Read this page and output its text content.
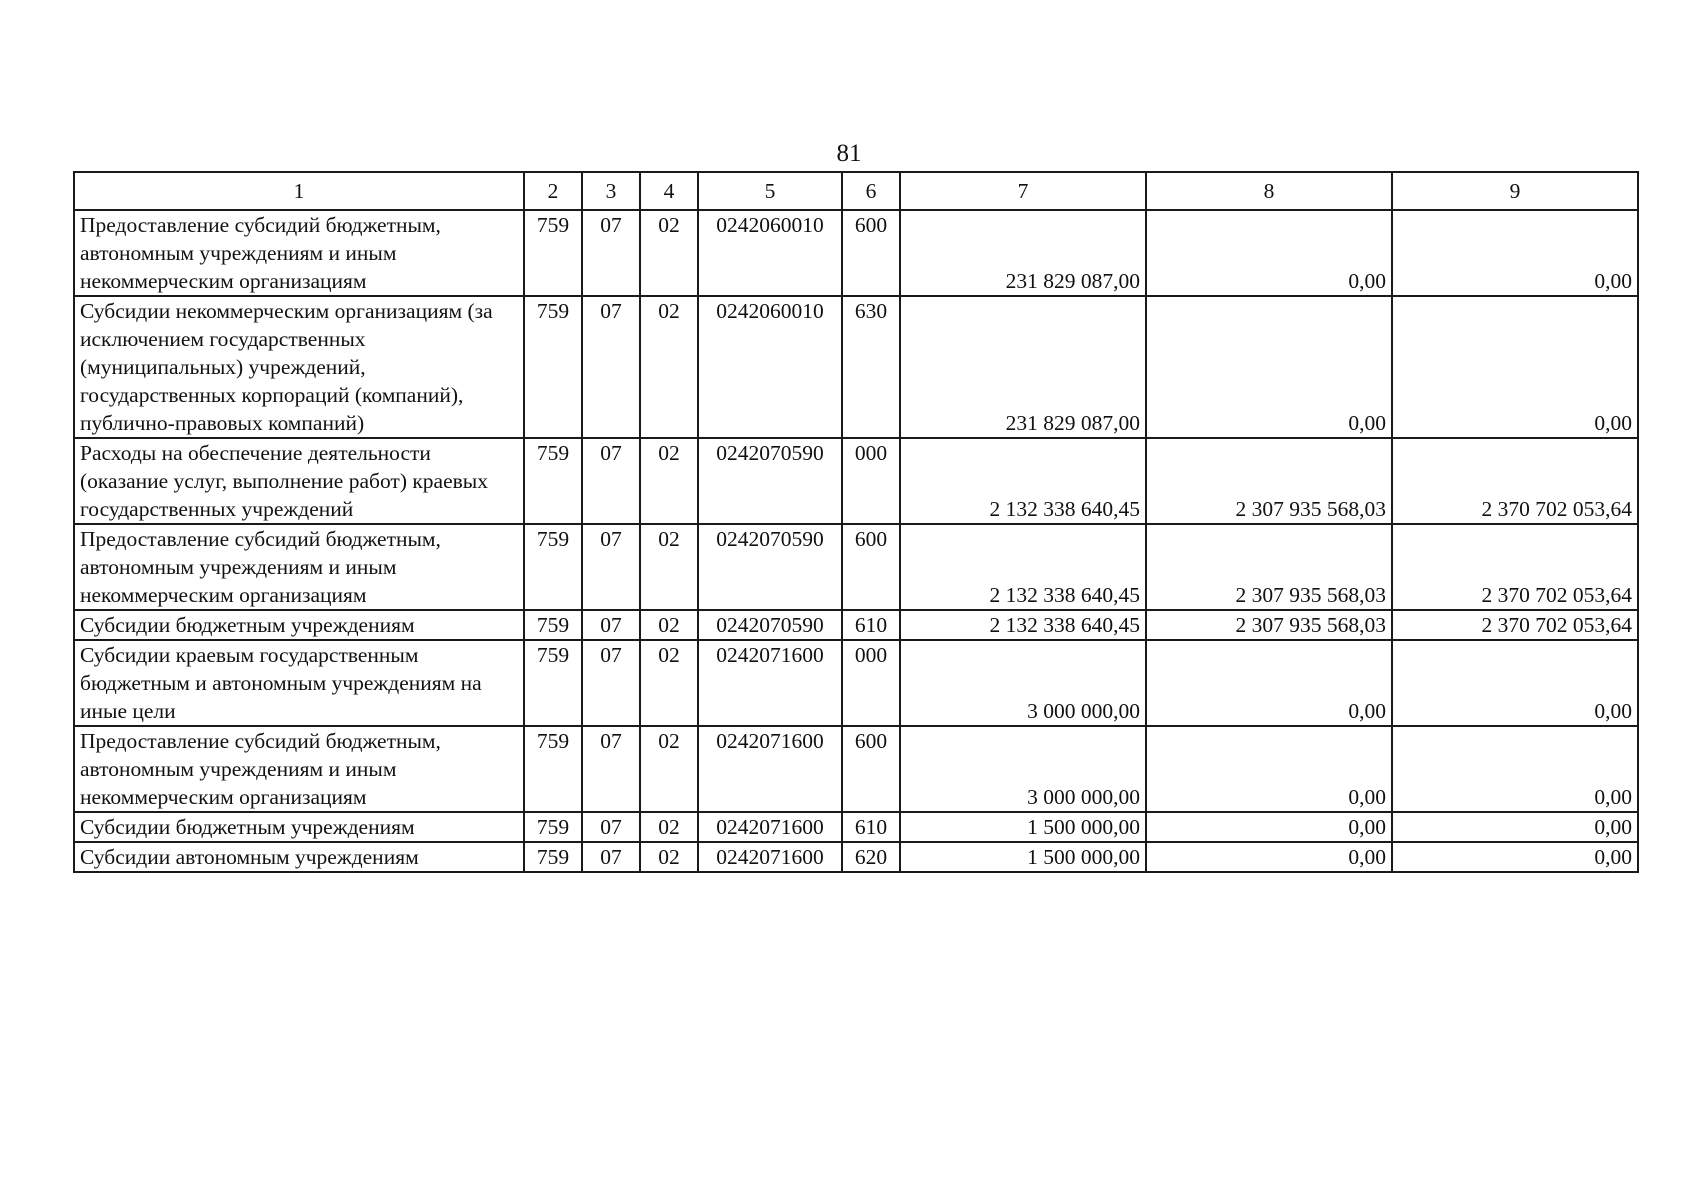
81
1	2	3	4	5	6	7	8	9
Предоставление субсидий бюджетным, автономным учреждениям и иным некоммерческим организациям	759	07	02	0242060010	600	231 829 087,00	0,00	0,00
Субсидии некоммерческим организациям (за исключением государственных (муниципальных) учреждений, государственных корпораций (компаний), публично-правовых компаний)	759	07	02	0242060010	630	231 829 087,00	0,00	0,00
Расходы на обеспечение деятельности (оказание услуг, выполнение работ) краевых государственных учреждений	759	07	02	0242070590	000	2 132 338 640,45	2 307 935 568,03	2 370 702 053,64
Предоставление субсидий бюджетным, автономным учреждениям и иным некоммерческим организациям	759	07	02	0242070590	600	2 132 338 640,45	2 307 935 568,03	2 370 702 053,64
Субсидии бюджетным учреждениям	759	07	02	0242070590	610	2 132 338 640,45	2 307 935 568,03	2 370 702 053,64
Субсидии краевым государственным бюджетным и автономным учреждениям на иные цели	759	07	02	0242071600	000	3 000 000,00	0,00	0,00
Предоставление субсидий бюджетным, автономным учреждениям и иным некоммерческим организациям	759	07	02	0242071600	600	3 000 000,00	0,00	0,00
Субсидии бюджетным учреждениям	759	07	02	0242071600	610	1 500 000,00	0,00	0,00
Субсидии автономным учреждениям	759	07	02	0242071600	620	1 500 000,00	0,00	0,00
